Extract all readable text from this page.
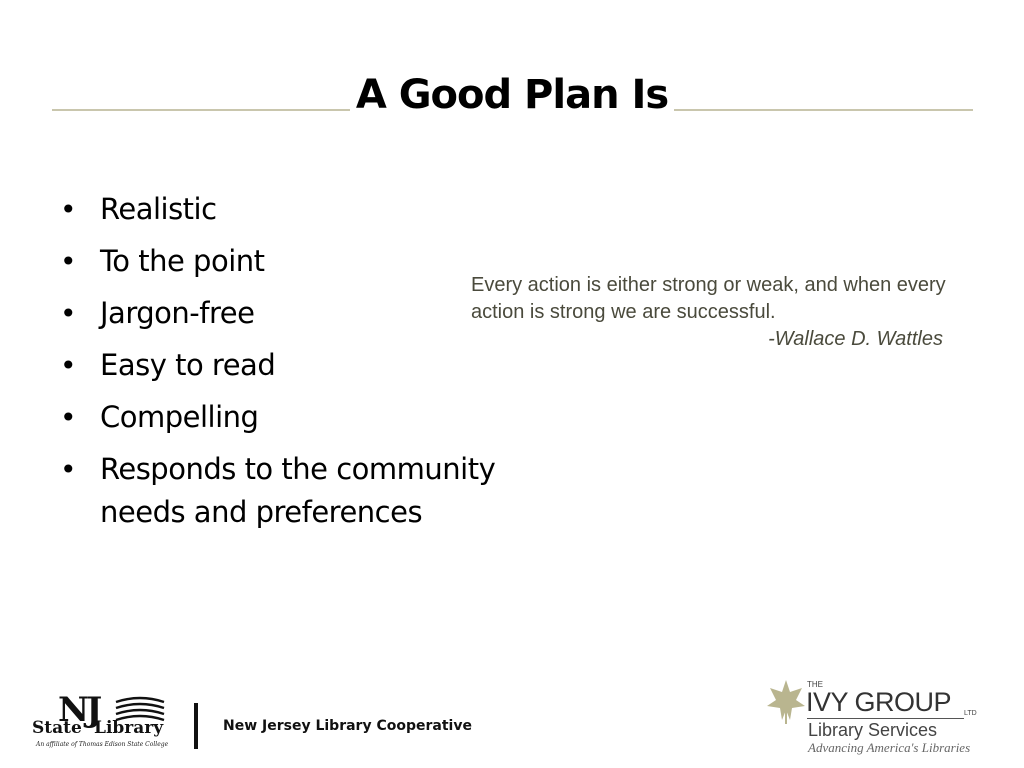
A Good Plan Is
• Realistic
• To the point
• Jargon-free
• Easy to read
• Compelling
• Responds to the community needs and preferences
Every action is either strong or weak, and when every action is strong we are successful.
-Wallace D. Wattles
NJ
State Library
An affiliate of Thomas Edison State College
New Jersey Library Cooperative
THE
IVY GROUP LTD
Library Services
Advancing America's Libraries
